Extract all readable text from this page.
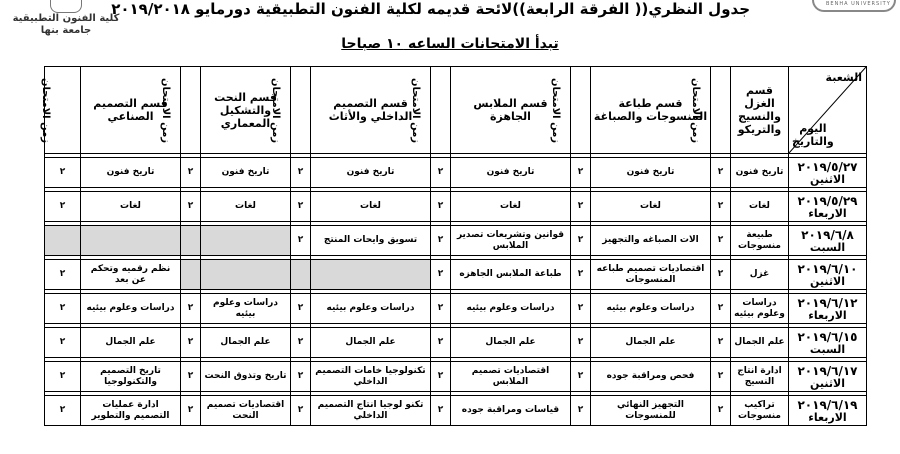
كلية الفنون التطبيقية
جامعة بنها
BENHA UNIVERSITY
جدول النظري(( الفرقة الرابعة))لائحة قديمه لكلية الفنون التطبيقية دورمايو ٢٠١٩/٢٠١٨
تبدأ الامتحانات الساعه ١٠ صباحا
الشعبة
اليوم
والتاريخ	قسم الغزل والنسيج والتريكو	زمن الامتحان	قسم طباعة المنسوجات والصباغة	زمن الامتحان	قسم الملابس الجاهزة	زمن الامتحان	قسم التصميم الداخلي والأثاث	زمن الامتحان	قسم النحت والتشكيل المعماري	زمن الامتحان	قسم التصميم الصناعي	زمن الامتحان

٢٠١٩/٥/٢٧
الاثنين	تاريخ فنون	٢	تاريخ فنون	٢	تاريخ فنون	٢	تاريخ فنون	٢	تاريخ فنون	٢	تاريخ فنون	٢

٢٠١٩/٥/٢٩
الاربعاء	لغات	٢	لغات	٢	لغات	٢	لغات	٢	لغات	٢	لغات	٢

٢٠١٩/٦/٨
السبت	طبيعة منسوجات	٢	الات الصباغه والتجهيز	٢	قوانين وتشريعات تصدير الملابس	٢	تسويق وايحات المنتج	٢				

٢٠١٩/٦/١٠
الاثنين	غزل	٢	اقتصاديات تصميم طباعه المنسوجات	٢	طباعة الملابس الجاهزه	٢					نظم رقميه وتحكم عن بعد	٢

٢٠١٩/٦/١٢
الاربعاء	دراسات وعلوم بيئيه	٢	دراسات وعلوم بيئيه	٢	دراسات وعلوم بيئيه	٢	دراسات وعلوم بيئيه	٢	دراسات وعلوم بيئيه	٢	دراسات وعلوم بيئيه	٢

٢٠١٩/٦/١٥
السبت	علم الجمال	٢	علم الجمال	٢	علم الجمال	٢	علم الجمال	٢	علم الجمال	٢	علم الجمال	٢

٢٠١٩/٦/١٧
الاثنين	ادارة انتاج النسيج	٢	فحص ومراقبة جوده	٢	اقتصاديات تصميم الملابس	٢	تكنولوجيا خامات التصميم الداخلي	٢	تاريخ وتذوق النحت	٢	تاريخ التصميم والتكنولوجيا	٢

٢٠١٩/٦/١٩
الاربعاء	تراكيب منسوجات	٢	التجهيز النهائي للمنسوجات	٢	قياسات ومراقبة جوده	٢	تكنو لوجيا انتاج التصميم الداخلي	٢	اقتصاديات تصميم النحت	٢	ادارة عمليات التصميم والتطوير	٢
